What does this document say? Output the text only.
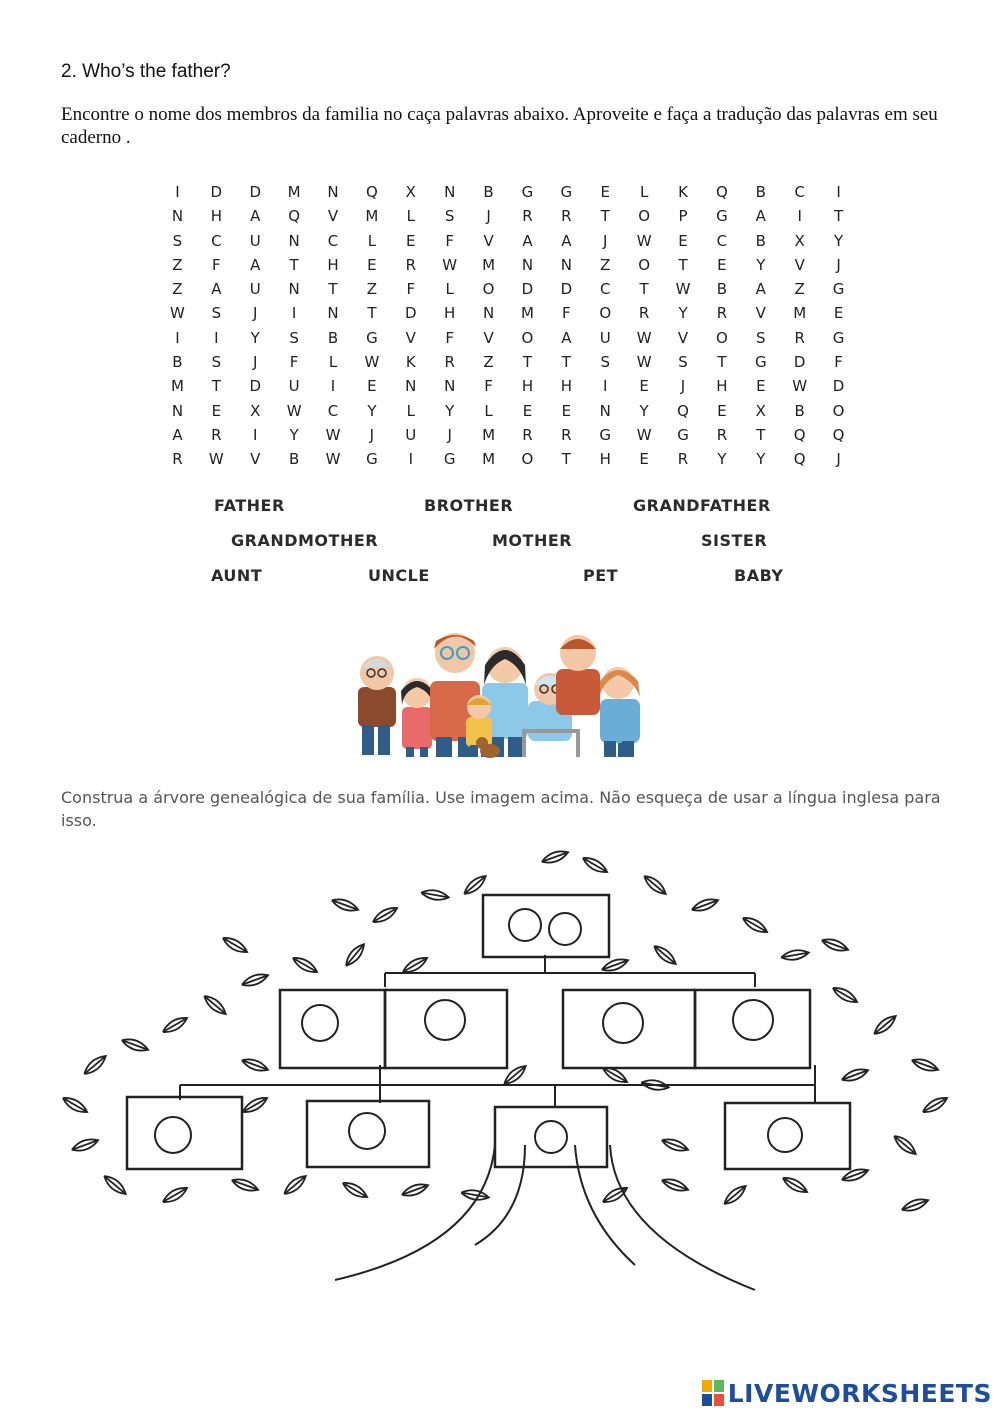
2. Who’s the father?
Encontre o nome dos membros da familia no caça palavras abaixo. Aproveite e faça a tradução das palavras em seu caderno .
I	D	D	M	N	Q	X	N	B	G	G	E	L	K	Q	B	C	I
N	H	A	Q	V	M	L	S	J	R	R	T	O	P	G	A	I	T
S	C	U	N	C	L	E	F	V	A	A	J	W	E	C	B	X	Y
Z	F	A	T	H	E	R	W	M	N	N	Z	O	T	E	Y	V	J
Z	A	U	N	T	Z	F	L	O	D	D	C	T	W	B	A	Z	G
W	S	J	I	N	T	D	H	N	M	F	O	R	Y	R	V	M	E
I	I	Y	S	B	G	V	F	V	O	A	U	W	V	O	S	R	G
B	S	J	F	L	W	K	R	Z	T	T	S	W	S	T	G	D	F
M	T	D	U	I	E	N	N	F	H	H	I	E	J	H	E	W	D
N	E	X	W	C	Y	L	Y	L	E	E	N	Y	Q	E	X	B	O
A	R	I	Y	W	J	U	J	M	R	R	G	W	G	R	T	Q	Q
R	W	V	B	W	G	I	G	M	O	T	H	E	R	Y	Y	Q	J
FATHER	BROTHER	GRANDFATHER
GRANDMOTHER	MOTHER	SISTER
AUNT	UNCLE	PET	BABY
Construa a árvore genealógica de sua família. Use imagem acima. Não esqueça de usar a língua inglesa para isso.
LIVEWORKSHEETS
